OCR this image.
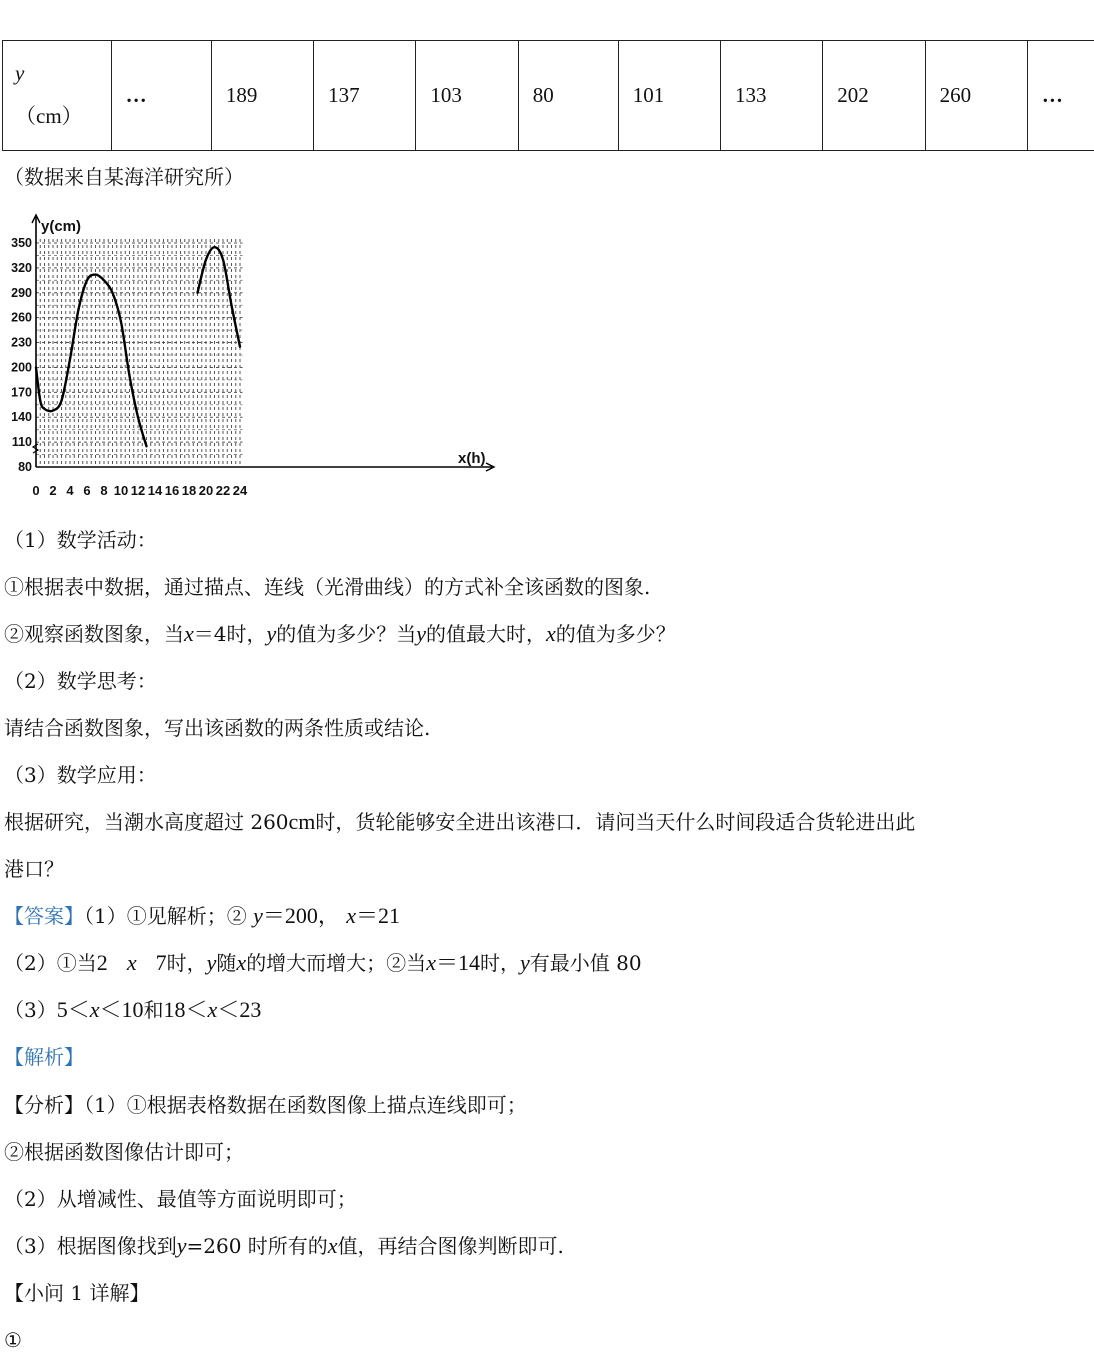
y
（cm）
	…	189	137	103	80	101	133	202	260	…
（数据来自某海洋研究所）
0 2 4 6 8 10 12 14 16 18 20 22 24
350
320
290
260
230
200
170
140
110
80
y(cm)
x(h)
（1）数学活动：
①根据表中数据，通过描点、连线（光滑曲线）的方式补全该函数的图象.
②观察函数图象，当x＝4时，y的值为多少？当y的值最大时，x的值为多少？
（2）数学思考：
请结合函数图象，写出该函数的两条性质或结论.
（3）数学应用：
根据研究，当潮水高度超过 260cm时，货轮能够安全进出该港口．请问当天什么时间段适合货轮进出此
港口？
【答案】（1）①见解析；② y＝200， x＝21
（2）①当2 x 7时，y随x的增大而增大；②当x＝14时，y有最小值 80
（3）5＜x＜10和18＜x＜23
【解析】
【分析】（1）①根据表格数据在函数图像上描点连线即可；
②根据函数图像估计即可；
（2）从增减性、最值等方面说明即可；
（3）根据图像找到y=260 时所有的x值，再结合图像判断即可.
【小问 1 详解】
①
